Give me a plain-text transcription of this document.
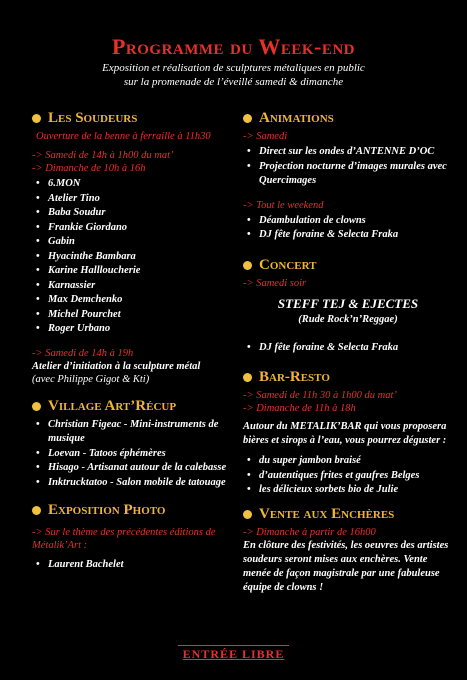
Programme du Week-end
Exposition et réalisation de sculptures métaliques en public
sur la promenade de l’éveillé samedi & dimanche
Les Soudeurs
Ouverture de la benne à ferraille à 11h30
-> Samedi de 14h à 1h00 du mat’
-> Dimanche de 10h à 16h
• 6.MON
• Atelier Tino
• Baba Soudur
• Frankie Giordano
• Gabin
• Hyacinthe Bambara
• Karine Hallloucherie
• Karnassier
• Max Demchenko
• Michel Pourchet
• Roger Urbano
-> Samedi de 14h à 19h
Atelier d’initiation à la sculpture métal
(avec Philippe Gigot & Kti)
Village Art’Récup
• Christian Figeac - Mini-instruments de musique
• Loevan - Tatoos éphémères
• Hisago - Artisanat autour de la calebasse
• Inktrucktatoo - Salon mobile de tatouage
Exposition Photo
-> Sur le thème des précédentes éditions de Métalik’Art :
• Laurent Bachelet
Animations
-> Samedi
• Direct sur les ondes d’ANTENNE D’OC
• Projection nocturne d’images murales avec Quercimages
-> Tout le weekend
• Déambulation de clowns
• DJ fête foraine & Selecta Fraka
Concert
-> Samedi soir
STEFF TEJ & EJECTES
(Rude Rock’n’Reggae)
• DJ fête foraine & Selecta Fraka
Bar-Resto
-> Samedi de 11h 30 à 1h00 du mat’
-> Dimanche de 11h à 18h
Autour du METALIK’BAR qui vous proposera bières et sirops à l’eau, vous pourrez déguster :
• du super jambon braisé
• d’autentiques frites et gaufres Belges
• les délicieux sorbets bio de Julie
Vente aux Enchères
-> Dimanche à partir de 16h00
En clôture des festivités, les oeuvres des artistes soudeurs seront mises aux enchères. Vente menée de façon magistrale par une fabuleuse équipe de clowns !
ENTRÉE LIBRE
